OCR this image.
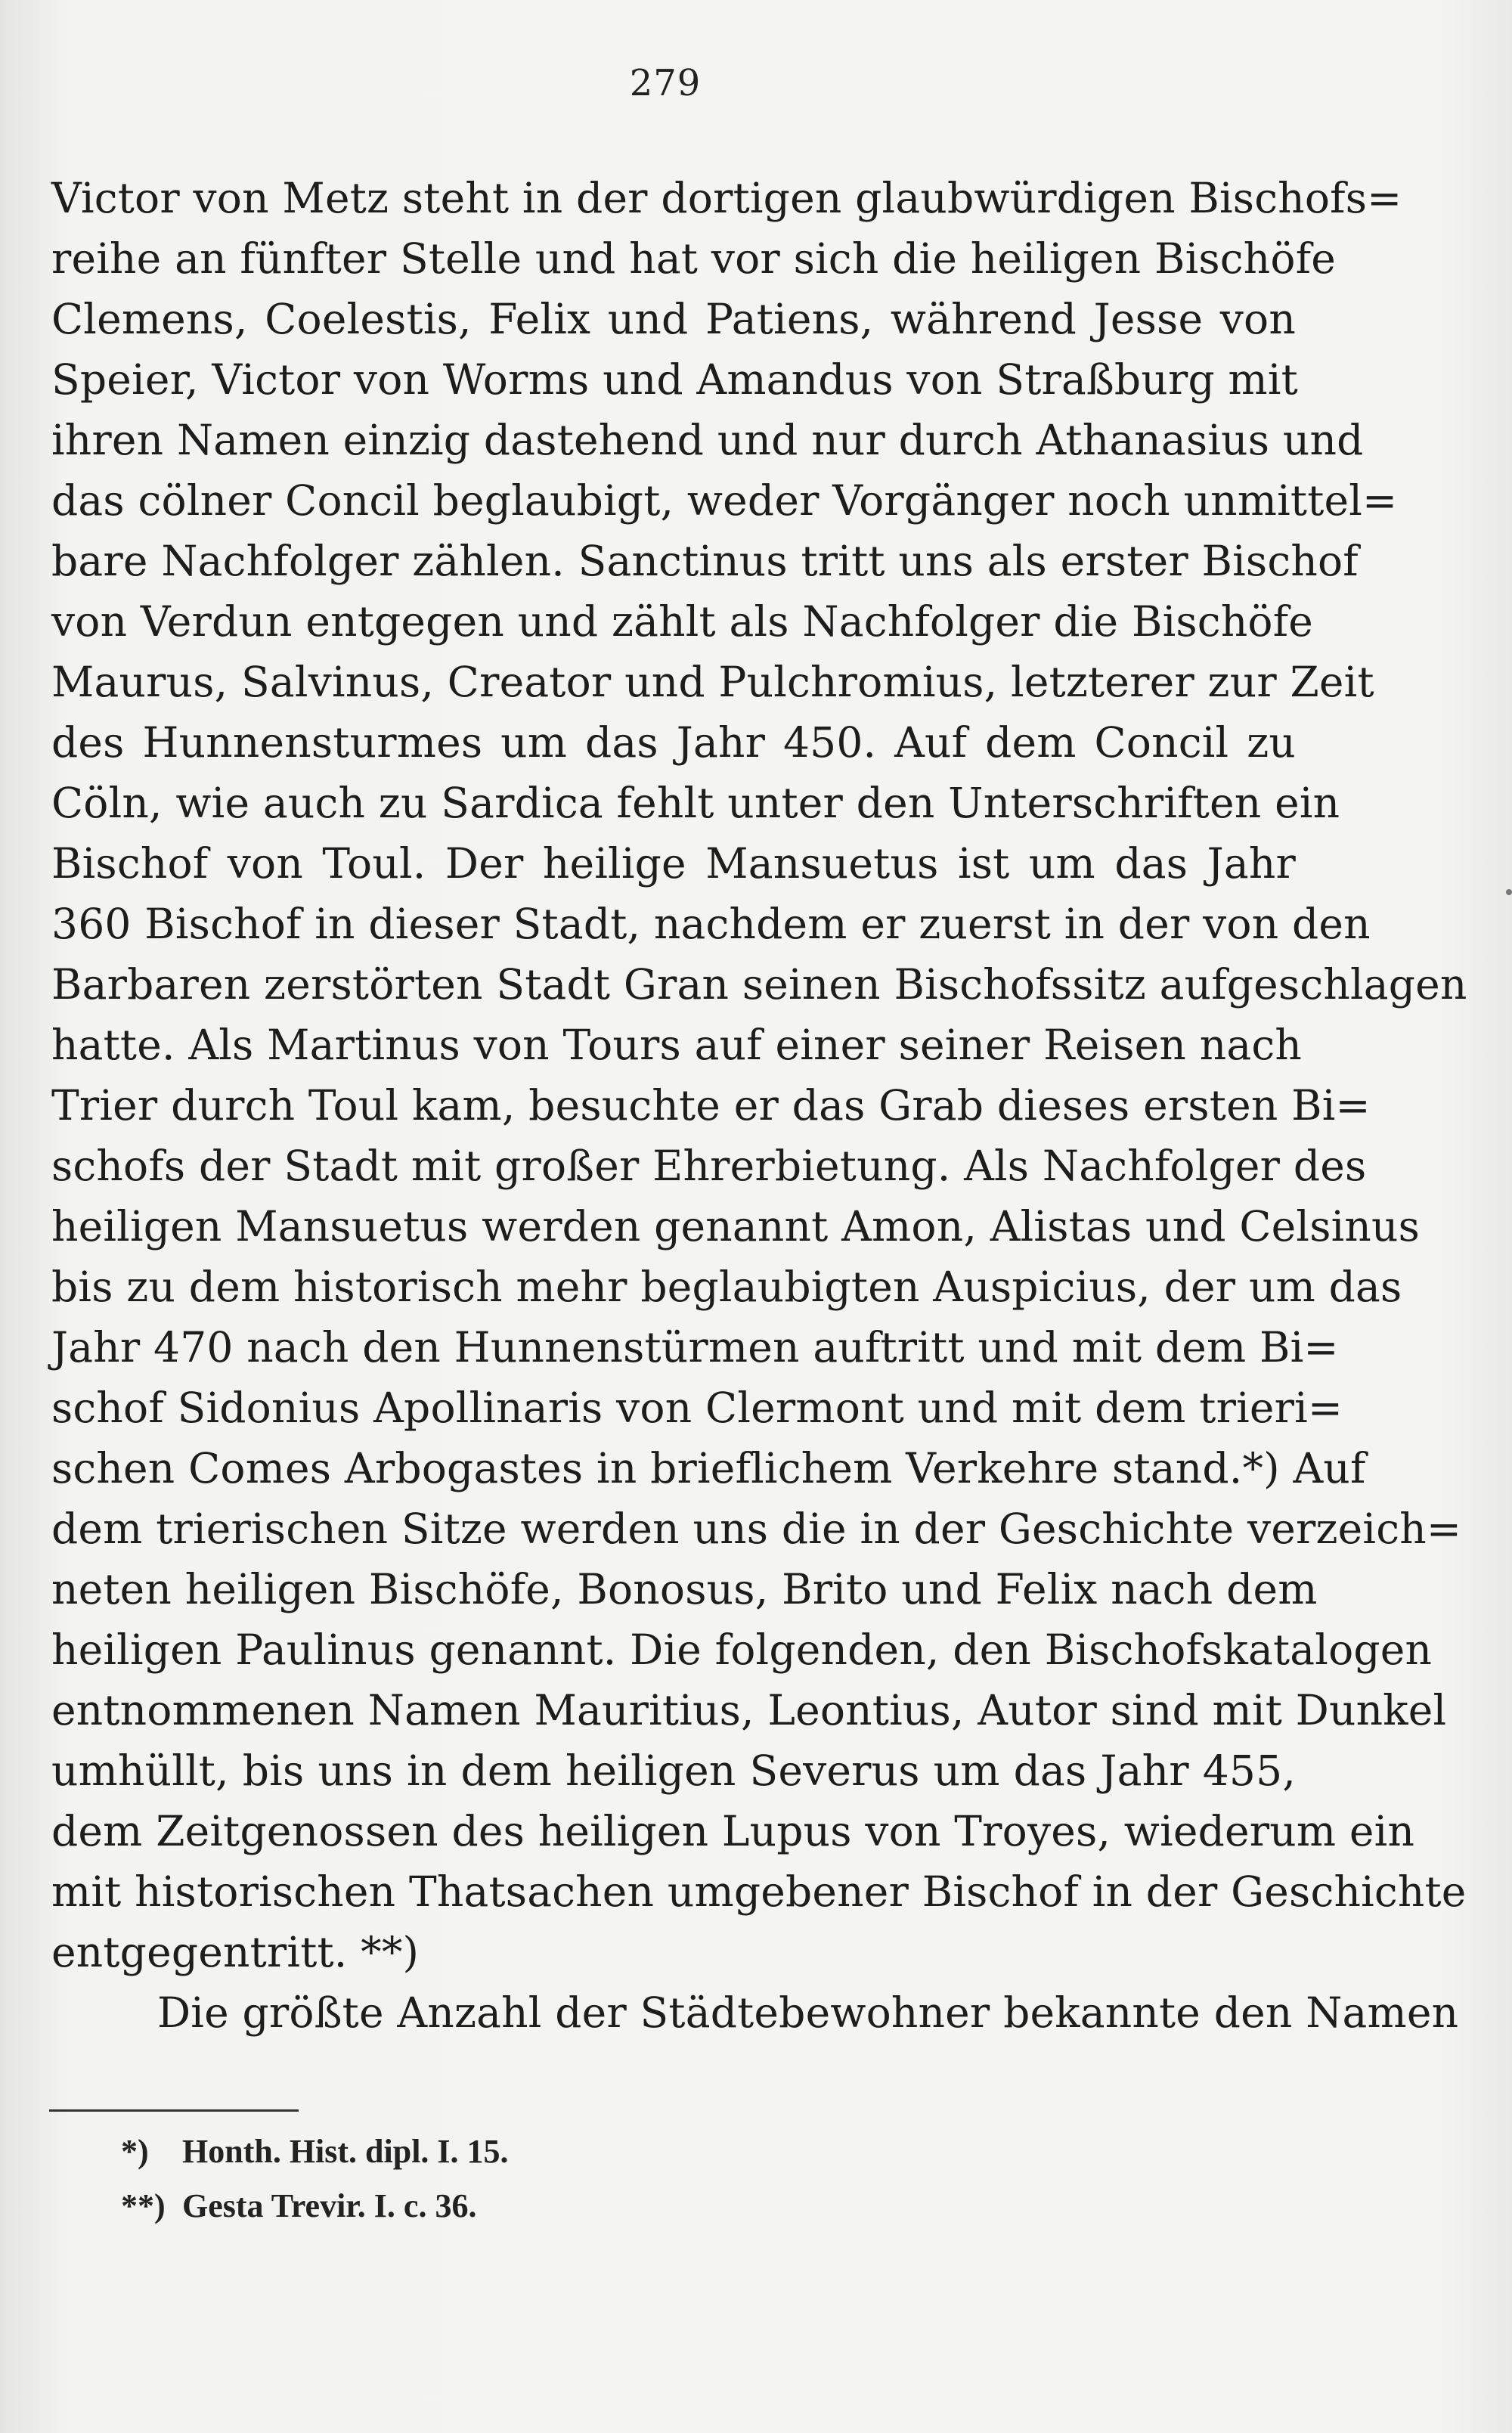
279
Victor von Metz steht in der dortigen glaubwürdigen Bischofs=
reihe an fünfter Stelle und hat vor sich die heiligen Bischöfe
Clemens, Coelestis, Felix und Patiens, während Jesse von
Speier, Victor von Worms und Amandus von Straßburg mit
ihren Namen einzig dastehend und nur durch Athanasius und
das cölner Concil beglaubigt, weder Vorgänger noch unmittel=
bare Nachfolger zählen. Sanctinus tritt uns als erster Bischof
von Verdun entgegen und zählt als Nachfolger die Bischöfe
Maurus, Salvinus, Creator und Pulchromius, letzterer zur Zeit
des Hunnensturmes um das Jahr 450. Auf dem Concil zu
Cöln, wie auch zu Sardica fehlt unter den Unterschriften ein
Bischof von Toul. Der heilige Mansuetus ist um das Jahr
360 Bischof in dieser Stadt, nachdem er zuerst in der von den
Barbaren zerstörten Stadt Gran seinen Bischofssitz aufgeschlagen
hatte. Als Martinus von Tours auf einer seiner Reisen nach
Trier durch Toul kam, besuchte er das Grab dieses ersten Bi=
schofs der Stadt mit großer Ehrerbietung. Als Nachfolger des
heiligen Mansuetus werden genannt Amon, Alistas und Celsinus
bis zu dem historisch mehr beglaubigten Auspicius, der um das
Jahr 470 nach den Hunnenstürmen auftritt und mit dem Bi=
schof Sidonius Apollinaris von Clermont und mit dem trieri=
schen Comes Arbogastes in brieflichem Verkehre stand.*) Auf
dem trierischen Sitze werden uns die in der Geschichte verzeich=
neten heiligen Bischöfe, Bonosus, Brito und Felix nach dem
heiligen Paulinus genannt. Die folgenden, den Bischofskatalogen
entnommenen Namen Mauritius, Leontius, Autor sind mit Dunkel
umhüllt, bis uns in dem heiligen Severus um das Jahr 455,
dem Zeitgenossen des heiligen Lupus von Troyes, wiederum ein
mit historischen Thatsachen umgebener Bischof in der Geschichte
entgegentritt. **)
Die größte Anzahl der Städtebewohner bekannte den Namen
*) Honth. Hist. dipl. I. 15.
**) Gesta Trevir. I. c. 36.
